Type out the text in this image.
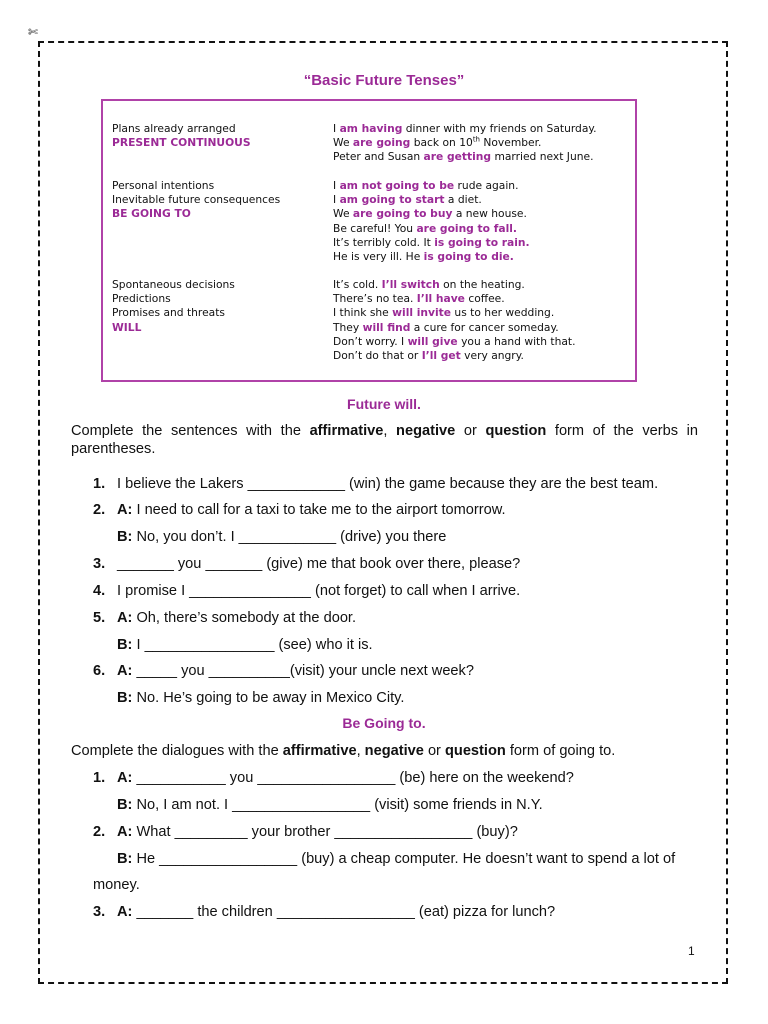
✄
“Basic Future Tenses”
Plans already arranged
PRESENT CONTINUOUS
I am having dinner with my friends on Saturday.
We are going back on 10th November.
Peter and Susan are getting married next June.
Personal intentions
Inevitable future consequences
BE GOING TO
I am not going to be rude again.
I am going to start a diet.
We are going to buy a new house.
Be careful! You are going to fall.
It’s terribly cold. It is going to rain.
He is very ill. He is going to die.
Spontaneous decisions
Predictions
Promises and threats
WILL
It’s cold. I’ll switch on the heating.
There’s no tea. I’ll have coffee.
I think she will invite us to her wedding.
They will find a cure for cancer someday.
Don’t worry. I will give you a hand with that.
Don’t do that or I’ll get very angry.
Future will.
Complete the sentences with the affirmative, negative or question form of the verbs in parentheses.
1. I believe the Lakers ____________ (win) the game because they are the best team.
2. A: I need to call for a taxi to take me to the airport tomorrow.
B: No, you don’t. I ____________ (drive) you there
3. _______ you _______ (give) me that book over there, please?
4. I promise I _______________ (not forget) to call when I arrive.
5. A: Oh, there’s somebody at the door.
B: I ________________ (see) who it is.
6. A: _____ you __________(visit) your uncle next week?
B: No. He’s going to be away in Mexico City.
Be Going to.
Complete the dialogues with the affirmative, negative or question form of going to.
1. A: ___________ you _________________ (be) here on the weekend?
B: No, I am not. I _________________ (visit) some friends in N.Y.
2. A: What _________ your brother _________________ (buy)?
B: He _________________ (buy) a cheap computer. He doesn’t want to spend a lot of
money.
3. A: _______ the children _________________ (eat) pizza for lunch?
1
